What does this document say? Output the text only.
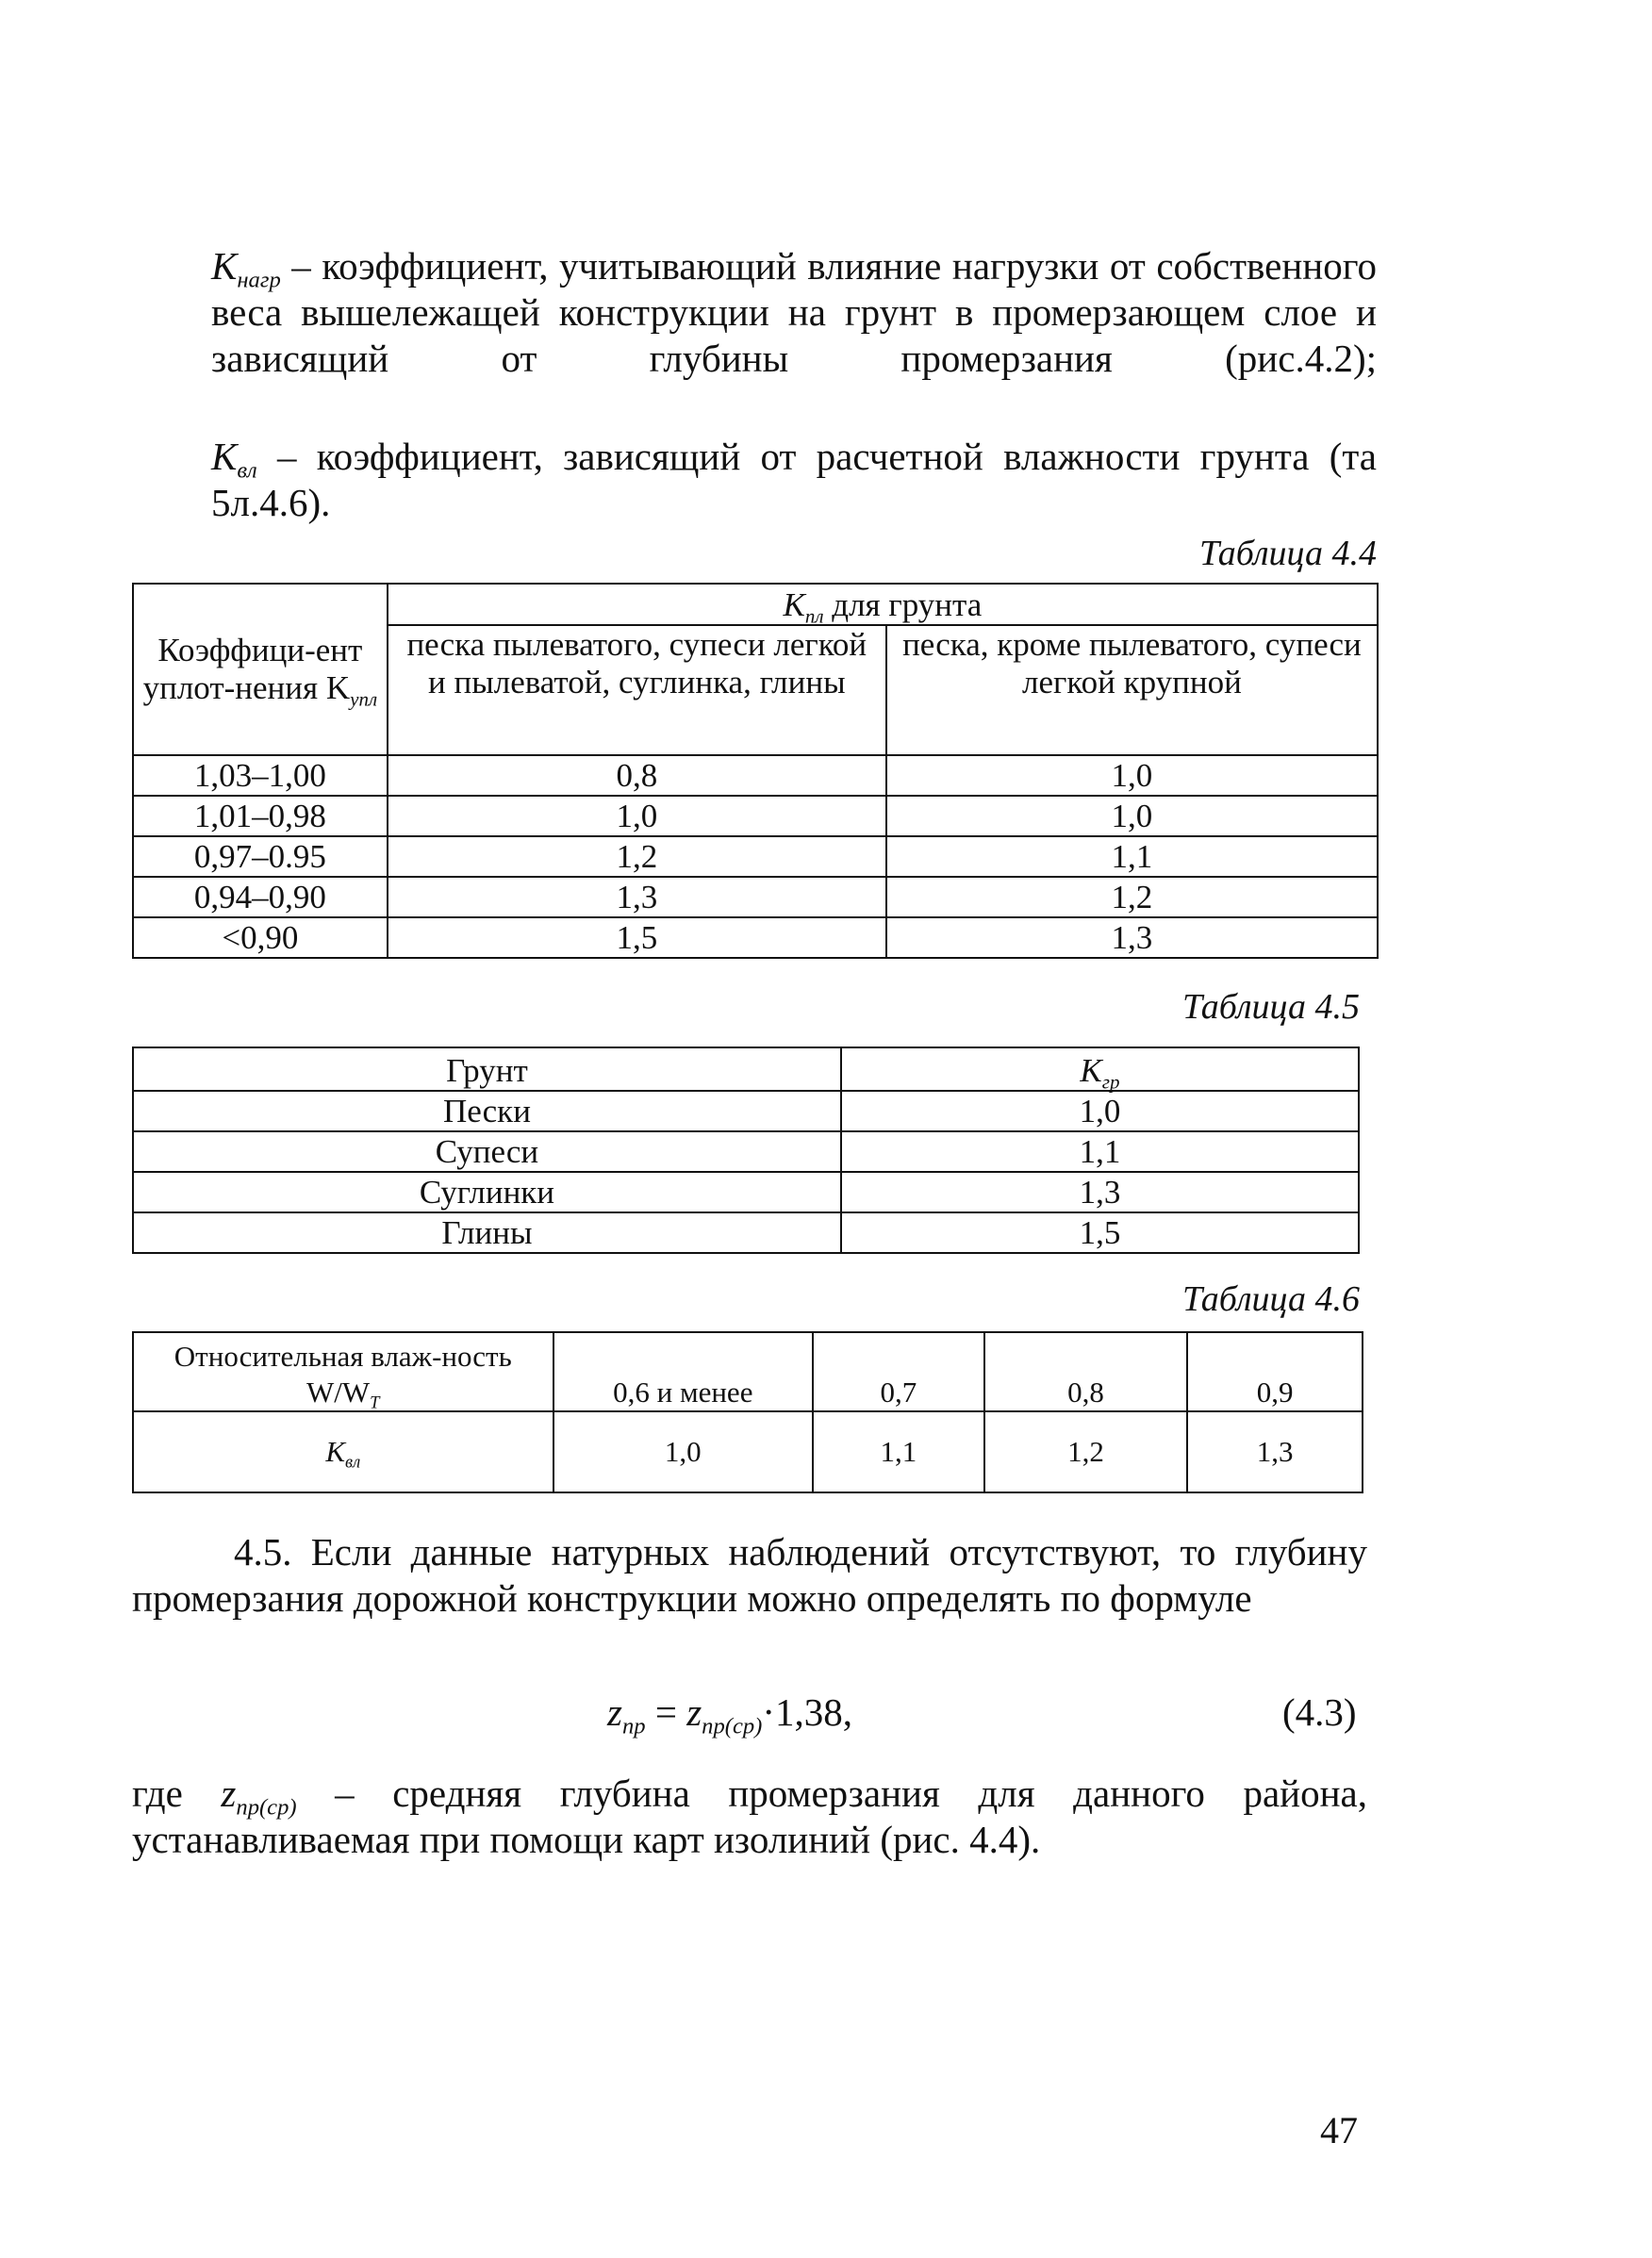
$K_{нагр}$ – коэффициент, учитывающий влияние нагрузки от собственного веса вышележащей конструкции на грунт в промерзающем слое и зависящий от глубины промерзания (рис.4.2);
$K_{вл}$ – коэффициент, зависящий от расчетной влажности грунта (та 5л.4.6).
Таблица 4.4
Коэффици-ент уплот-нения $K_{упл}$	$K_{пл}$ для грунта	
	песка пылеватого, супеси легкой и пылеватой, суглинка, глины	песка, кроме пылеватого, супеси легкой крупной
1,03–1,00	0,8	1,0
1,01–0,98	1,0	1,0
0,97–0.95	1,2	1,1
0,94–0,90	1,3	1,2
<0,90	1,5	1,3
Таблица 4.5
Грунт	$K_{гр}$
Пески	1,0
Супеси	1,1
Суглинки	1,3
Глины	1,5
Таблица 4.6
Относительная влаж-ность $W/W_T$	0,6 и менее	0,7	0,8	0,9
$K_{вл}$	1,0	1,1	1,2	1,3
4.5. Если данные натурных наблюдений отсутствуют, то глубину промерзания дорожной конструкции можно определять по формуле
$z_{пр} = z_{пр(ср)}\cdot 1,38$,	(4.3)
где $z_{пр(ср)}$ – средняя глубина промерзания для данного района, устанавливаемая при помощи карт изолиний (рис. 4.4).
47
